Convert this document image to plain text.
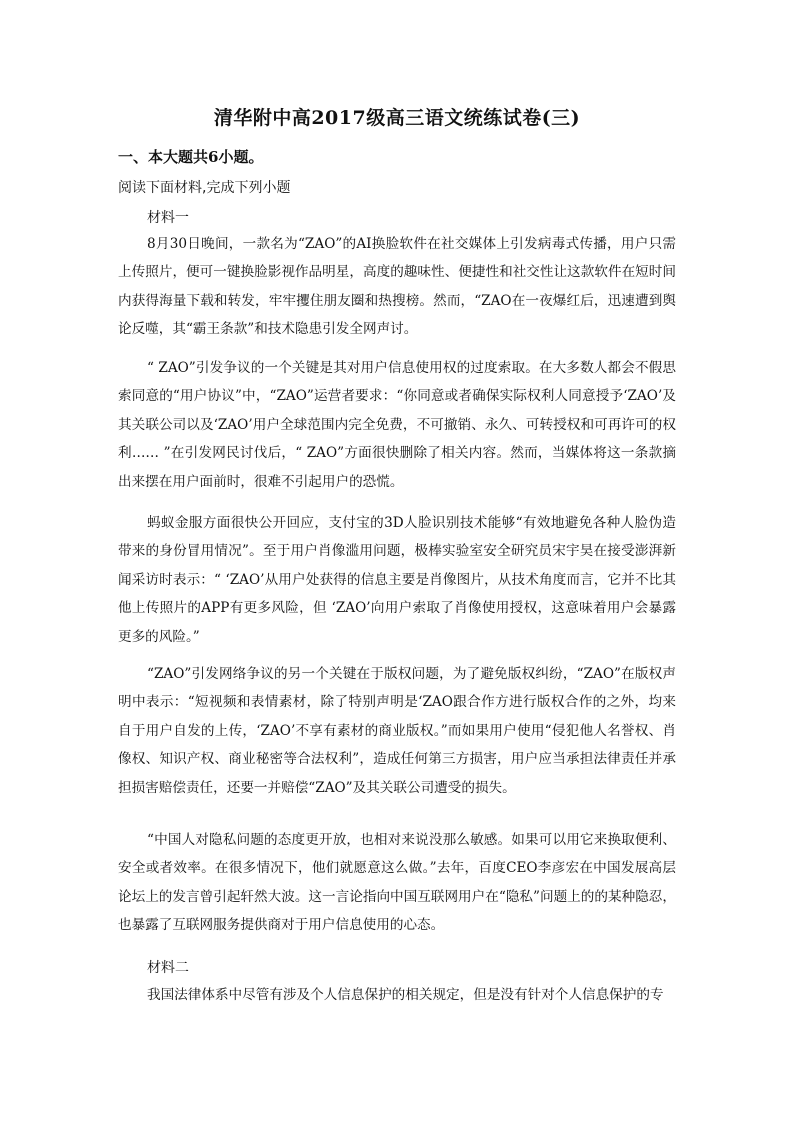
清华附中高2017级高三语文统练试卷(三)
一、本大题共6小题。
阅读下面材料,完成下列小题
材料一
8月30日晚间，一款名为“ZAO”的AI换脸软件在社交媒体上引发病毒式传播，用户只需上传照片，便可一键换脸影视作品明星，高度的趣味性、便捷性和社交性让这款软件在短时间内获得海量下载和转发，牢牢攫住朋友圈和热搜榜。然而，“ZAO在一夜爆红后，迅速遭到舆论反噬，其“霸王条款”和技术隐患引发全网声讨。
“ ZAO”引发争议的一个关键是其对用户信息使用权的过度索取。在大多数人都会不假思索同意的“用户协议”中，“ZAO”运营者要求：“你同意或者确保实际权利人同意授予‘ZAO’及其关联公司以及‘ZAO’用户全球范围内完全免费，不可撤销、永久、可转授权和可再许可的权利…… ”在引发网民讨伐后，“ ZAO”方面很快删除了相关内容。然而，当媒体将这一条款摘出来摆在用户面前时，很难不引起用户的恐慌。
蚂蚁金服方面很快公开回应，支付宝的3D人脸识别技术能够“有效地避免各种人脸伪造带来的身份冒用情况”。至于用户肖像滥用问题，极棒实验室安全研究员宋宇昊在接受澎湃新闻采访时表示：“ ‘ZAO’从用户处获得的信息主要是肖像图片，从技术角度而言，它并不比其他上传照片的APP有更多风险，但 ‘ZAO’向用户索取了肖像使用授权，这意味着用户会暴露更多的风险。”
“ZAO”引发网络争议的另一个关键在于版权问题，为了避免版权纠纷，“ZAO”在版权声明中表示：“短视频和表情素材，除了特别声明是‘ZAO跟合作方进行版权合作的之外，均来自于用户自发的上传，‘ZAO’不享有素材的商业版权。”而如果用户使用“侵犯他人名誉权、肖像权、知识产权、商业秘密等合法权利”，造成任何第三方损害，用户应当承担法律责任并承担损害赔偿责任，还要一并赔偿“ZAO”及其关联公司遭受的损失。
“中国人对隐私问题的态度更开放，也相对来说没那么敏感。如果可以用它来换取便利、安全或者效率。在很多情况下，他们就愿意这么做。”去年，百度CEO李彦宏在中国发展高层论坛上的发言曾引起轩然大波。这一言论指向中国互联网用户在“隐私”问题上的的某种隐忍，也暴露了互联网服务提供商对于用户信息使用的心态。
材料二
我国法律体系中尽管有涉及个人信息保护的相关规定，但是没有针对个人信息保护的专
